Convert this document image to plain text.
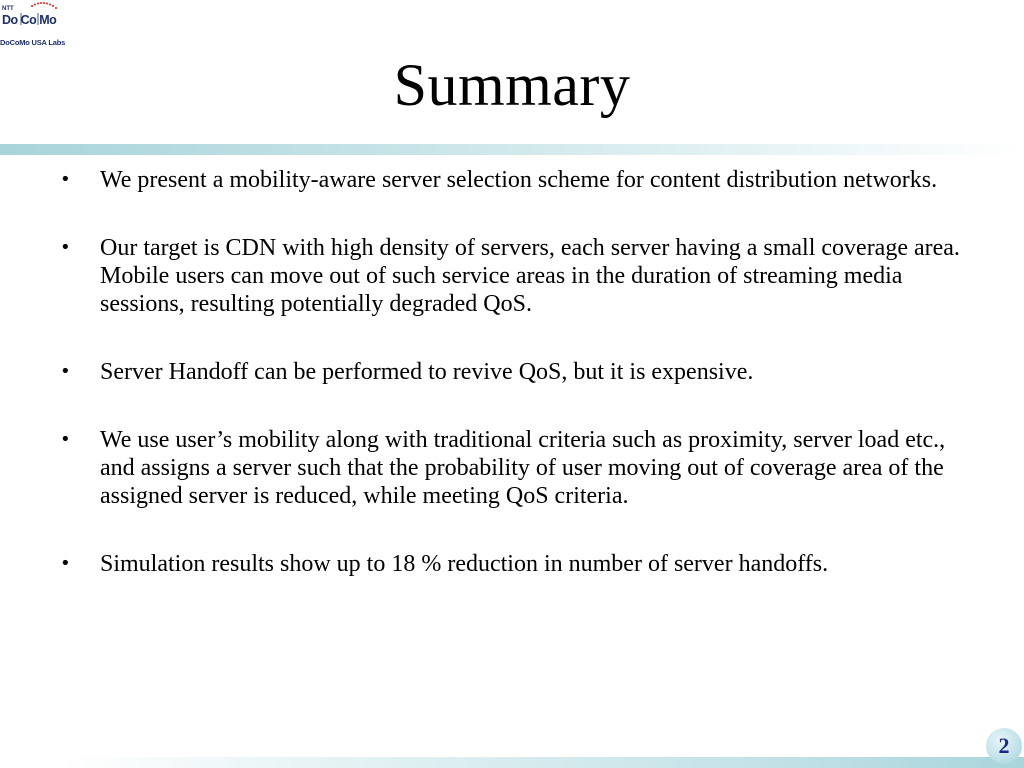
NTT
Do Co Mo
DoCoMo USA Labs
Summary
•	We present a mobility-aware server selection scheme for content distribution networks.
•	Our target is CDN with high density of servers, each server having a small coverage area. Mobile users can move out of such service areas in the duration of streaming media sessions, resulting potentially degraded QoS.
•	Server Handoff can be performed to revive QoS, but it is expensive.
•	We use user’s mobility along with traditional criteria such as proximity, server load etc., and assigns a server such that the probability of user moving out of coverage area of the assigned server is reduced, while meeting QoS criteria.
•	Simulation results show up to 18 % reduction in number of server handoffs.
2
